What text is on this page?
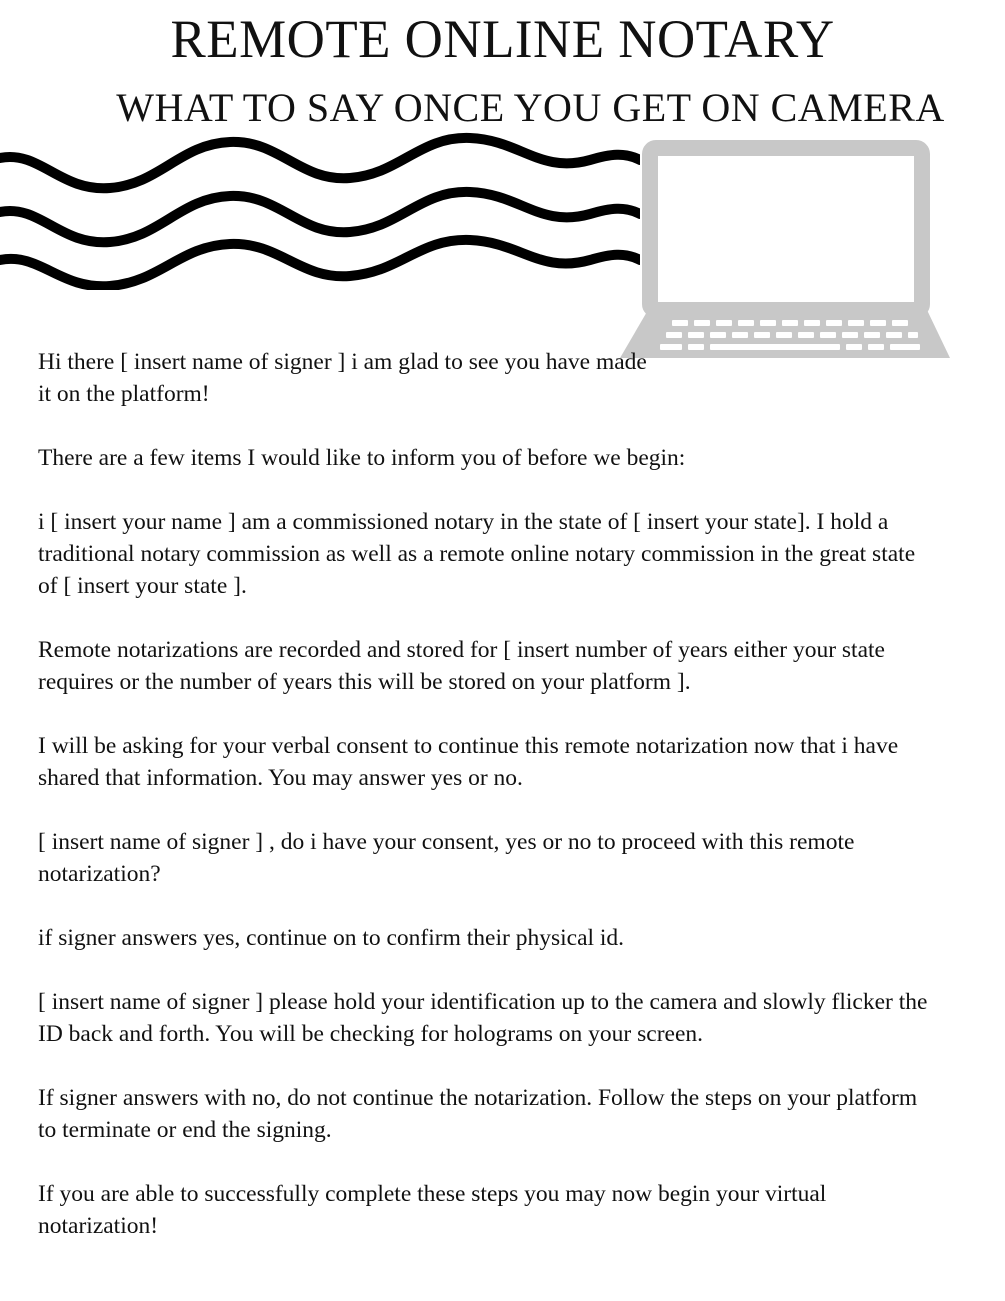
REMOTE ONLINE NOTARY
WHAT TO SAY ONCE YOU GET ON CAMERA

Hi there [ insert name of signer ] i am glad to see you have made it on the platform!

There are a few items I would like to inform you of before we begin:

i [ insert your name ] am a commissioned notary in the state of [ insert your state]. I hold a traditional notary commission as well as a remote online notary commission in the great state of [ insert your state ].

Remote notarizations are recorded and stored for [ insert number of years either your state requires or the number of years this will be stored on your platform ].

I will be asking for your verbal consent to continue this remote notarization now that i have shared that information. You may answer yes or no.

[ insert name of signer ] , do i have your consent, yes or no to proceed with this remote notarization?

if signer answers yes, continue on to confirm their physical id.

[ insert name of signer ] please hold your identification up to the camera and slowly flicker the ID back and forth. You will be checking for holograms on your screen.

If signer answers with no, do not continue the notarization. Follow the steps on your platform to terminate or end the signing.

If you are able to successfully complete these steps you may now begin your virtual notarization!
